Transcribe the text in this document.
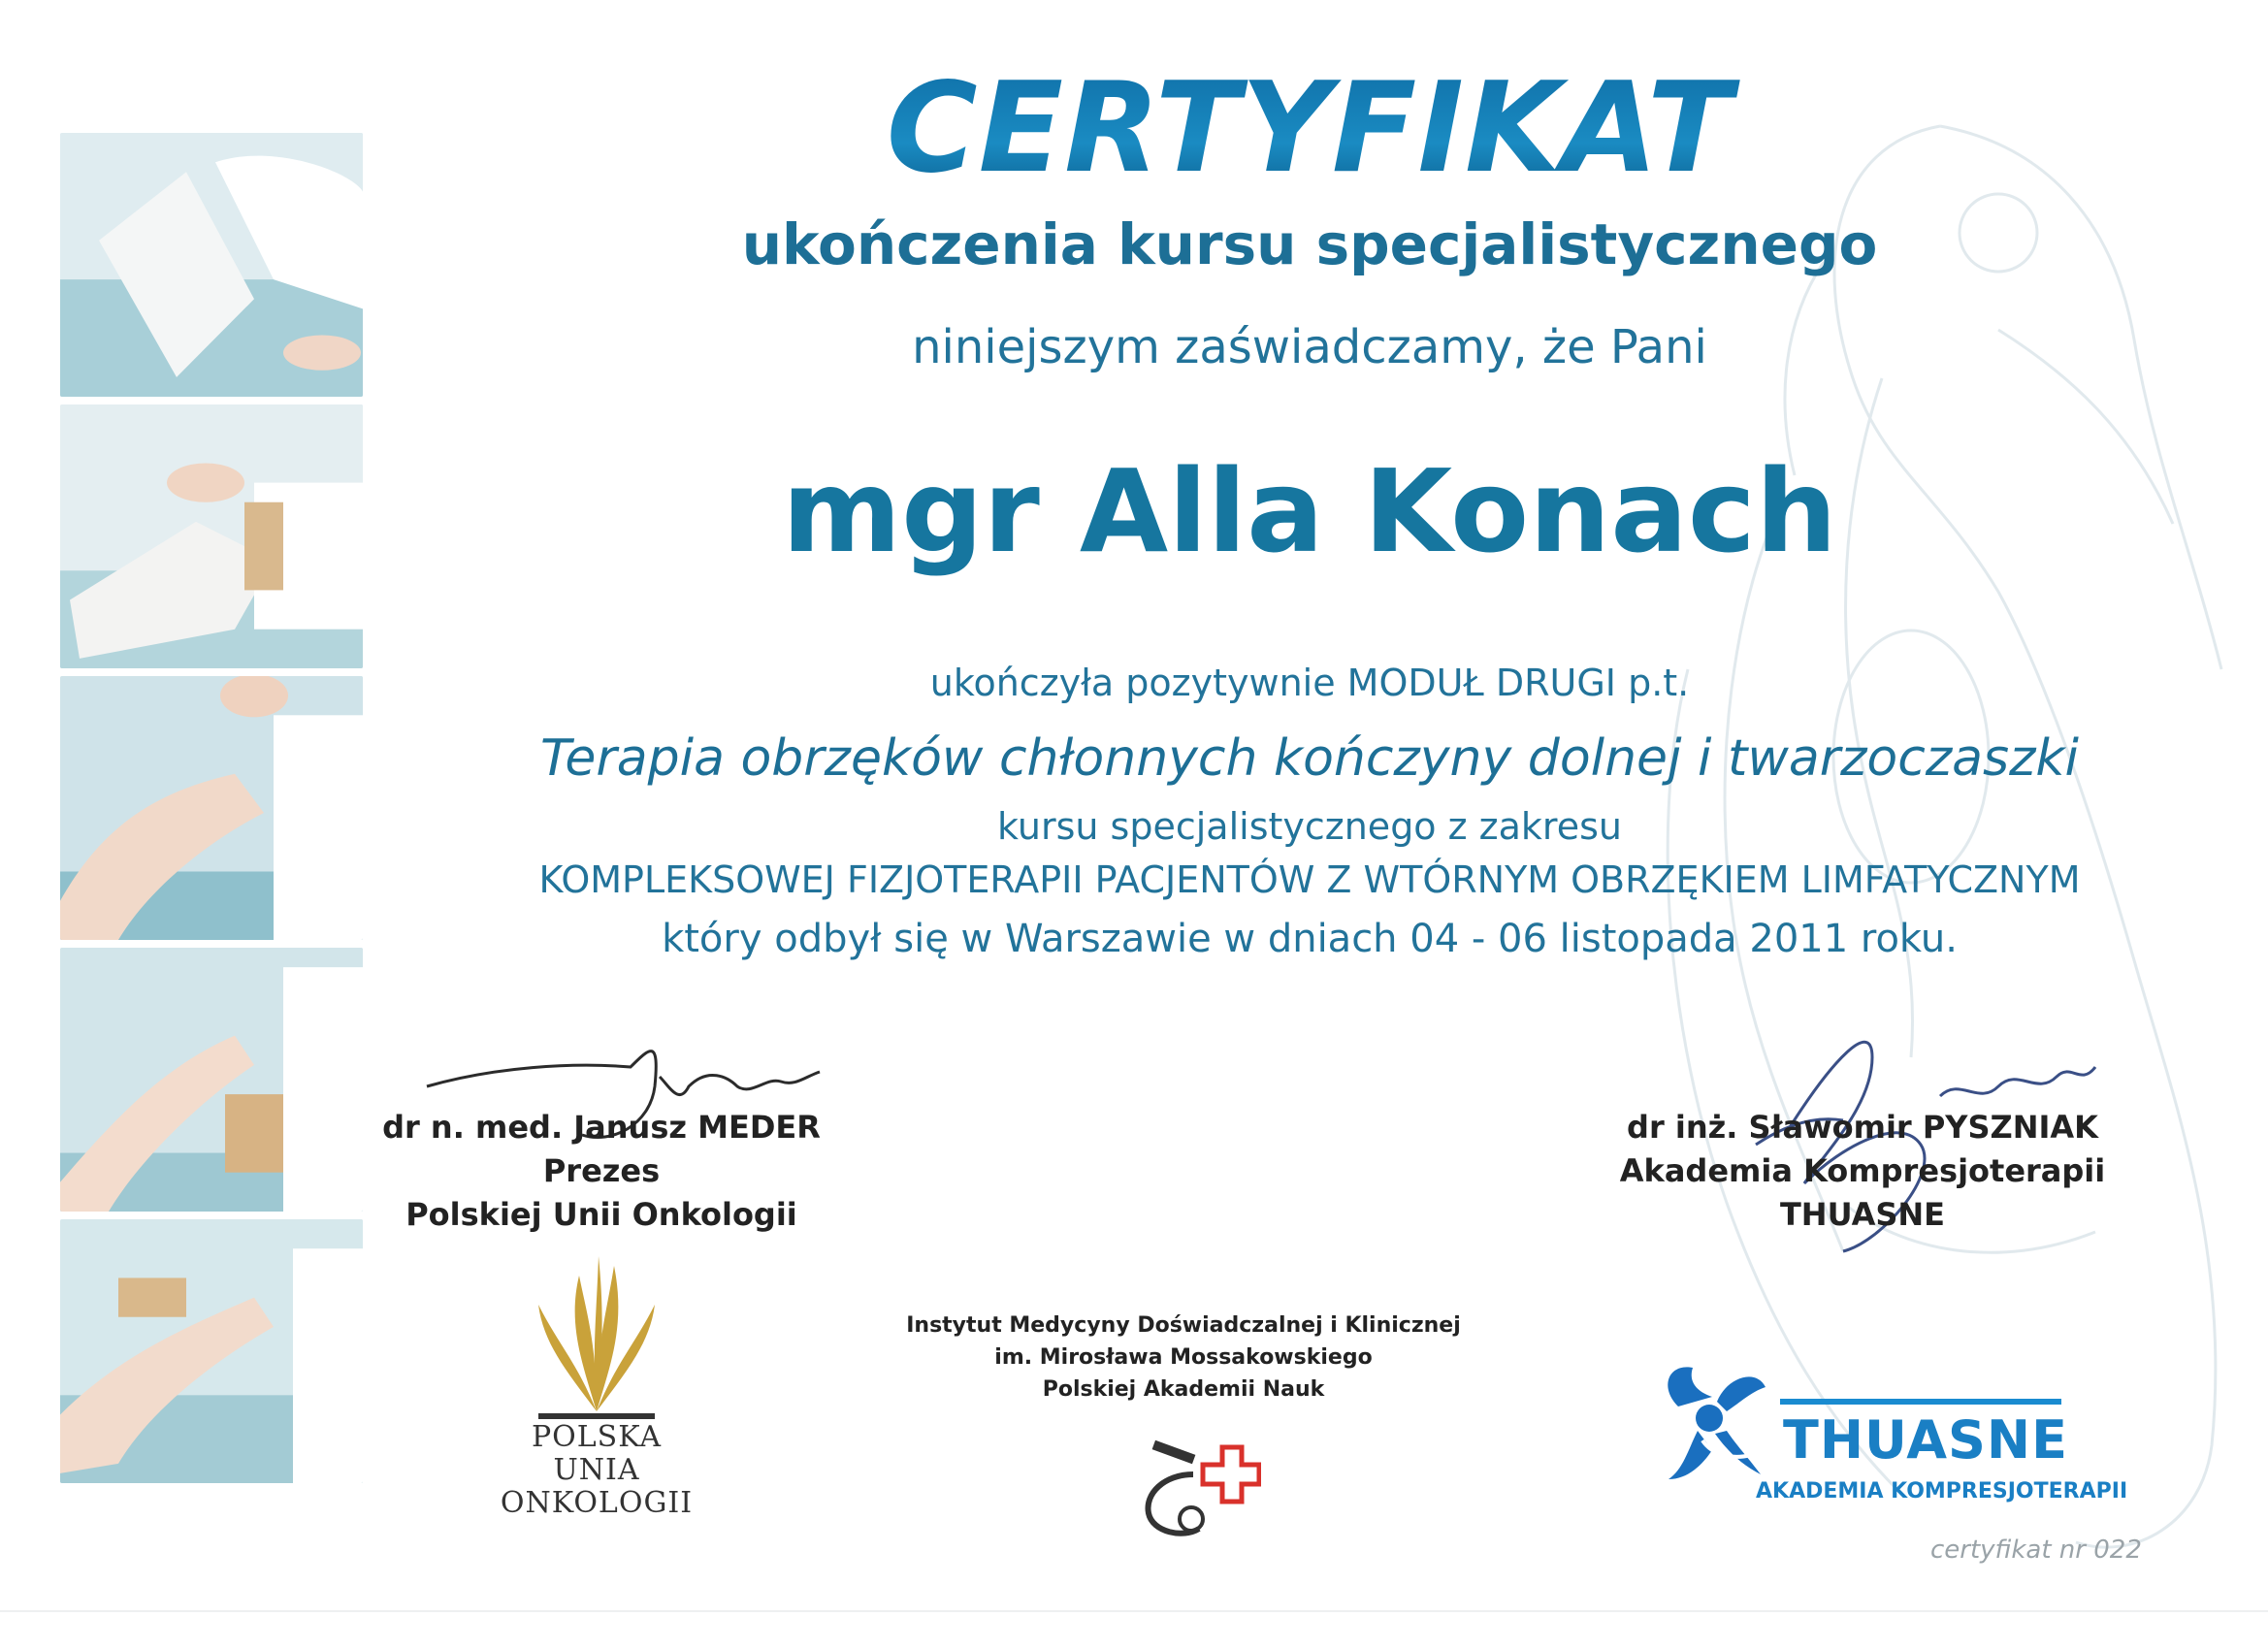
CERTYFIKAT
ukończenia kursu specjalistycznego
niniejszym zaświadczamy, że Pani
mgr Alla Konach
ukończyła pozytywnie MODUŁ DRUGI p.t.
Terapia obrzęków chłonnych kończyny dolnej i twarzoczaszki
kursu specjalistycznego z zakresu
KOMPLEKSOWEJ FIZJOTERAPII PACJENTÓW Z WTÓRNYM OBRZĘKIEM LIMFATYCZNYM
który odbył się w Warszawie w dniach 04 - 06 listopada 2011 roku.
dr n. med. Janusz MEDER
Prezes
Polskiej Unii Onkologii
dr inż. Sławomir PYSZNIAK
Akademia Kompresjoterapii
THUASNE
POLSKA
UNIA
ONKOLOGII
Instytut Medycyny Doświadczalnej i Klinicznej
im. Mirosława Mossakowskiego
Polskiej Akademii Nauk
THUASNE
AKADEMIA KOMPRESJOTERAPII
certyfikat nr 022
